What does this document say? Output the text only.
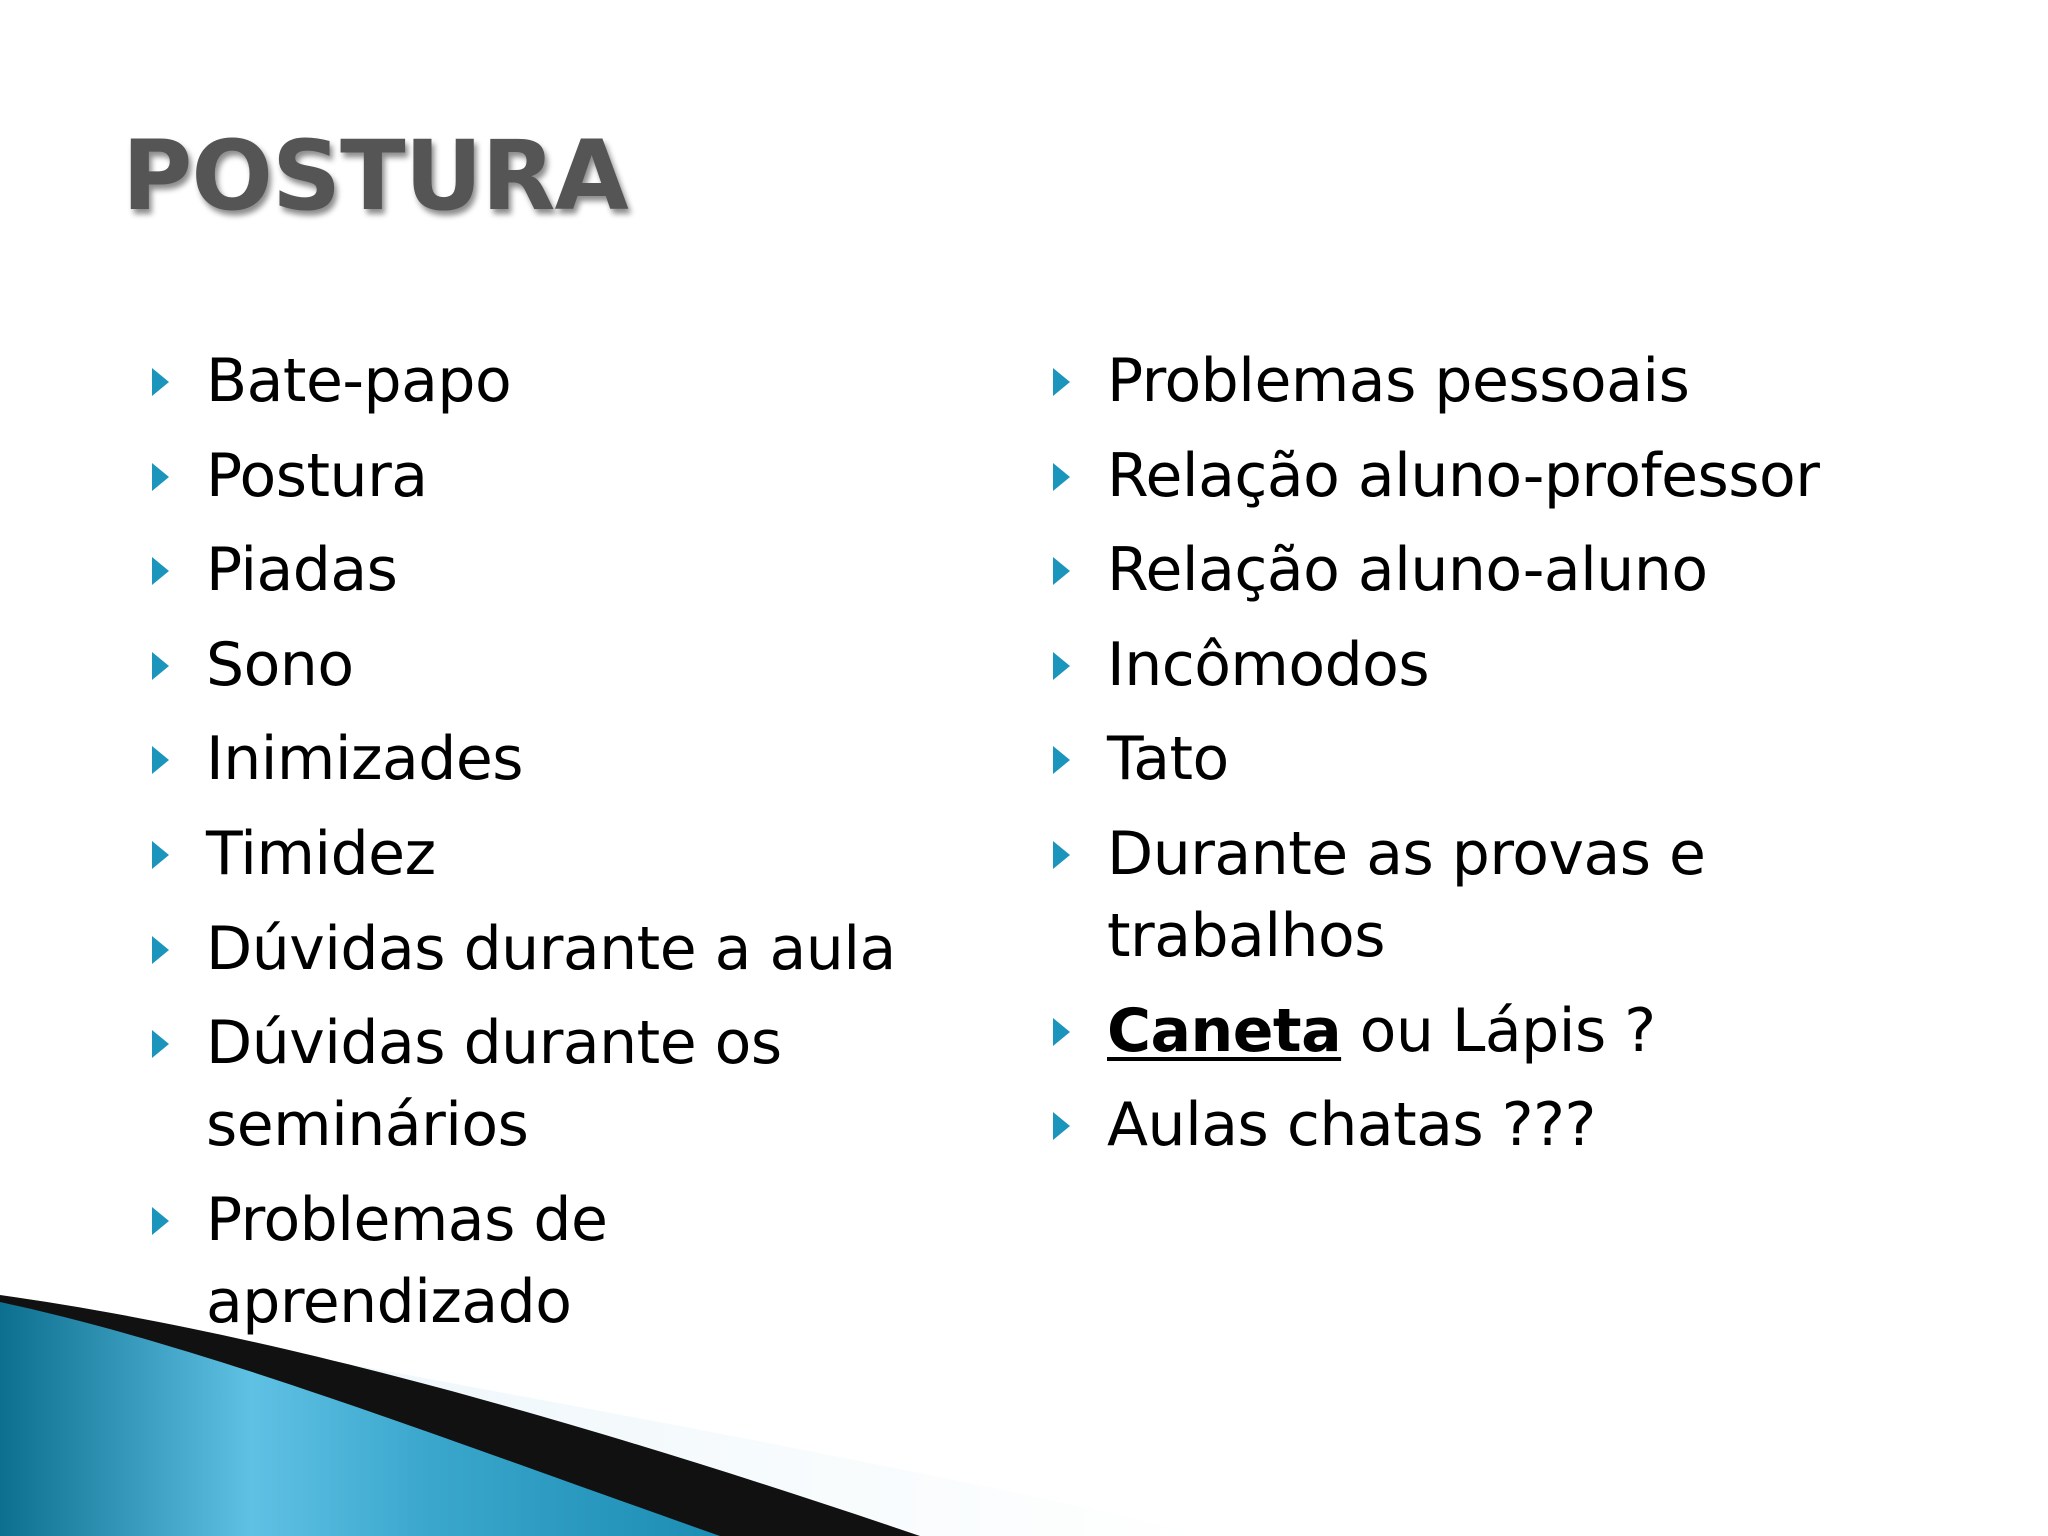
POSTURA
Bate-papo
Postura
Piadas
Sono
Inimizades
Timidez
Dúvidas durante a aula
Dúvidas durante os seminários
Problemas de aprendizado
Problemas pessoais
Relação aluno-professor
Relação aluno-aluno
Incômodos
Tato
Durante as provas e trabalhos
Caneta ou Lápis ?
Aulas chatas ???
